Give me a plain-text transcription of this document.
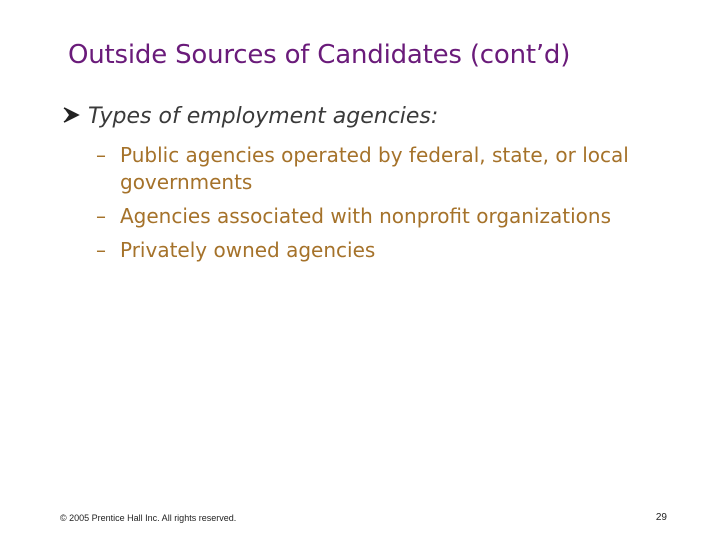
Outside Sources of Candidates (cont’d)
Types of employment agencies:
– Public agencies operated by federal, state, or local governments
– Agencies associated with nonprofit organizations
– Privately owned agencies
© 2005 Prentice Hall Inc. All rights reserved.	29
